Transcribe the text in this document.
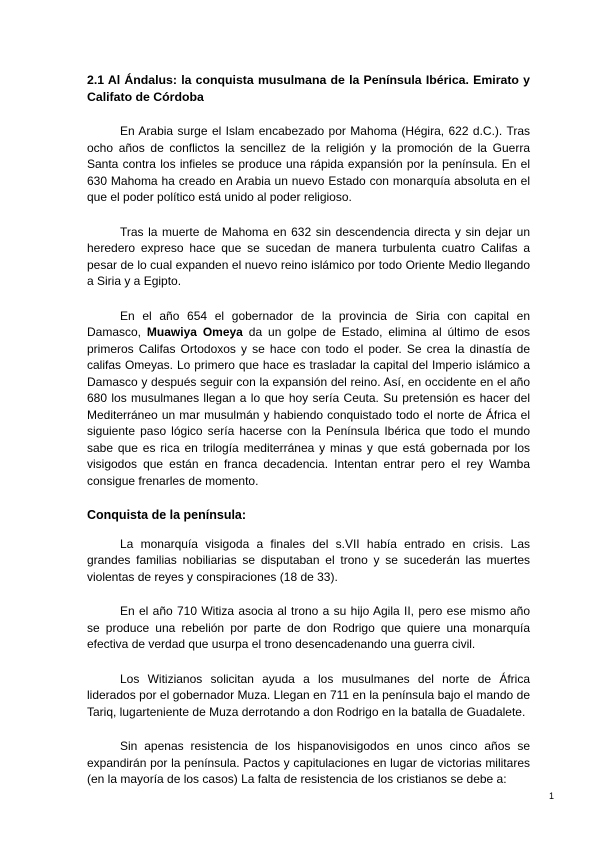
2.1 Al Ándalus: la conquista musulmana de la Península Ibérica. Emirato y Califato de Córdoba

En Arabia surge el Islam encabezado por Mahoma (Hégira, 622 d.C.). Tras ocho años de conflictos la sencillez de la religión y la promoción de la Guerra Santa contra los infieles se produce una rápida expansión por la península. En el 630 Mahoma ha creado en Arabia un nuevo Estado con monarquía absoluta en el que el poder político está unido al poder religioso.

Tras la muerte de Mahoma en 632 sin descendencia directa y sin dejar un heredero expreso hace que se sucedan de manera turbulenta cuatro Califas a pesar de lo cual expanden el nuevo reino islámico por todo Oriente Medio llegando a Siria y a Egipto.

En el año 654 el gobernador de la provincia de Siria con capital en Damasco, Muawiya Omeya da un golpe de Estado, elimina al último de esos primeros Califas Ortodoxos y se hace con todo el poder. Se crea la dinastía de califas Omeyas. Lo primero que hace es trasladar la capital del Imperio islámico a Damasco y después seguir con la expansión del reino. Así, en occidente en el año 680 los musulmanes llegan a lo que hoy sería Ceuta. Su pretensión es hacer del Mediterráneo un mar musulmán y habiendo conquistado todo el norte de África el siguiente paso lógico sería hacerse con la Península Ibérica que todo el mundo sabe que es rica en trilogía mediterránea y minas y que está gobernada por los visigodos que están en franca decadencia. Intentan entrar pero el rey Wamba consigue frenarles de momento.

Conquista de la península:

La monarquía visigoda a finales del s.VII había entrado en crisis. Las grandes familias nobiliarias se disputaban el trono y se sucederán las muertes violentas de reyes y conspiraciones (18 de 33).

En el año 710 Witiza asocia al trono a su hijo Agila II, pero ese mismo año se produce una rebelión por parte de don Rodrigo que quiere una monarquía efectiva de verdad que usurpa el trono desencadenando una guerra civil.

Los Witizianos solicitan ayuda a los musulmanes del norte de África liderados por el gobernador Muza. Llegan en 711 en la península bajo el mando de Tariq, lugarteniente de Muza derrotando a don Rodrigo en la batalla de Guadalete.

Sin apenas resistencia de los hispanovisigodos en unos cinco años se expandirán por la península. Pactos y capitulaciones en lugar de victorias militares (en la mayoría de los casos) La falta de resistencia de los cristianos se debe a:

1
